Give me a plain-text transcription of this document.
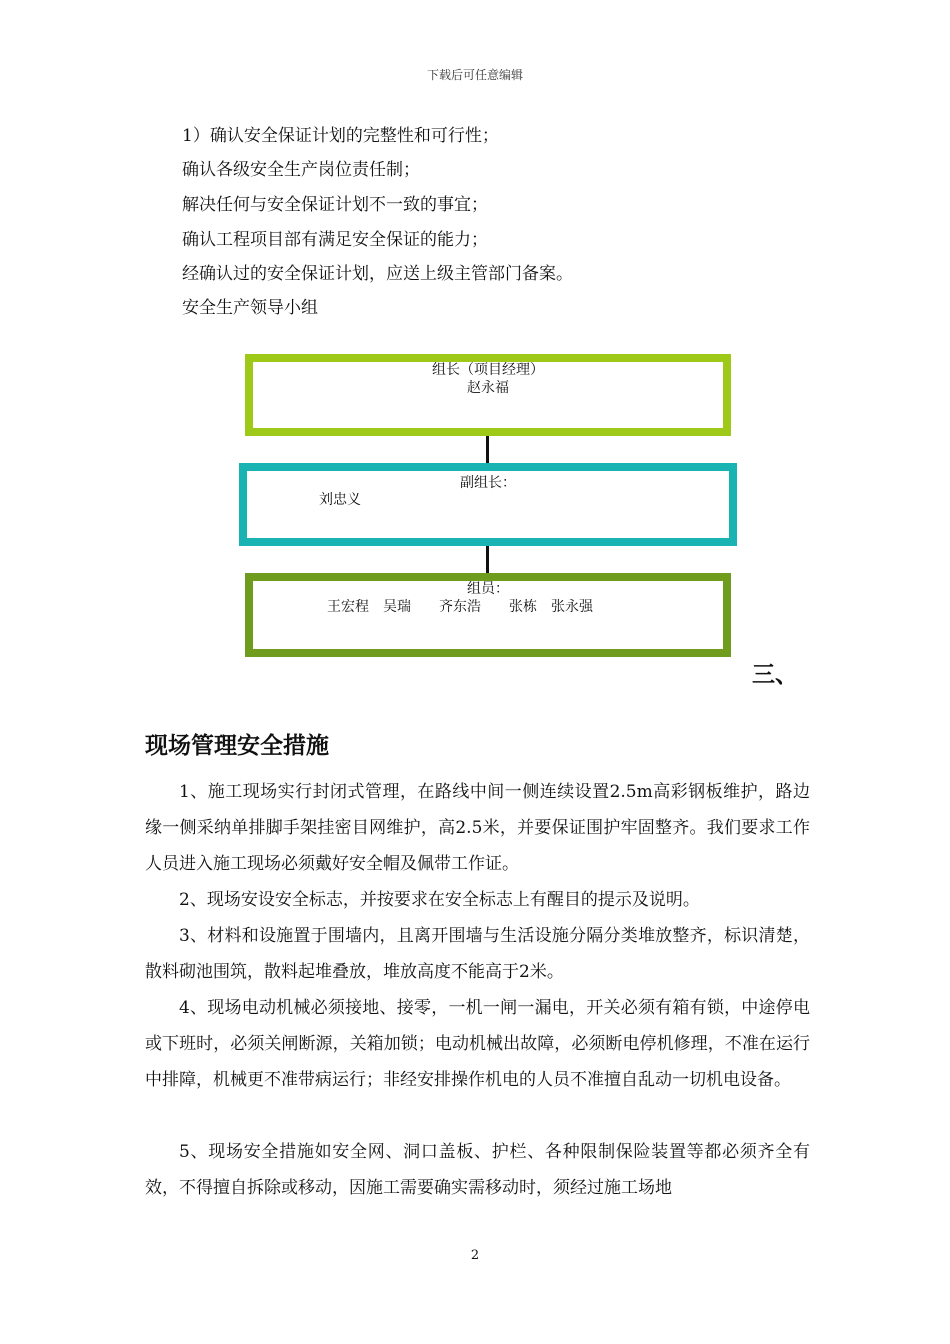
下载后可任意编辑
1）确认安全保证计划的完整性和可行性；
确认各级安全生产岗位责任制；
解决任何与安全保证计划不一致的事宜；
确认工程项目部有满足安全保证的能力；
经确认过的安全保证计划，应送上级主管部门备案。
安全生产领导小组
组长（项目经理）
赵永福
副组长：
刘忠义
组员：
王宏程　吴瑞　　齐东浩　　张栋　张永强
三、
现场管理安全措施

1、施工现场实行封闭式管理，在路线中间一侧连续设置2.5m高彩钢板维护，路边缘一侧采纳单排脚手架挂密目网维护，高2.5米，并要保证围护牢固整齐。我们要求工作人员进入施工现场必须戴好安全帽及佩带工作证。

2、现场安设安全标志，并按要求在安全标志上有醒目的提示及说明。

3、材料和设施置于围墙内，且离开围墙与生活设施分隔分类堆放整齐，标识清楚，散料砌池围筑，散料起堆叠放，堆放高度不能高于2米。

4、现场电动机械必须接地、接零，一机一闸一漏电，开关必须有箱有锁，中途停电或下班时，必须关闸断源，关箱加锁；电动机械出故障，必须断电停机修理，不准在运行中排障，机械更不准带病运行；非经安排操作机电的人员不准擅自乱动一切机电设备。

5、现场安全措施如安全网、洞口盖板、护栏、各种限制保险装置等都必须齐全有效，不得擅自拆除或移动，因施工需要确实需移动时，须经过施工场地

2
